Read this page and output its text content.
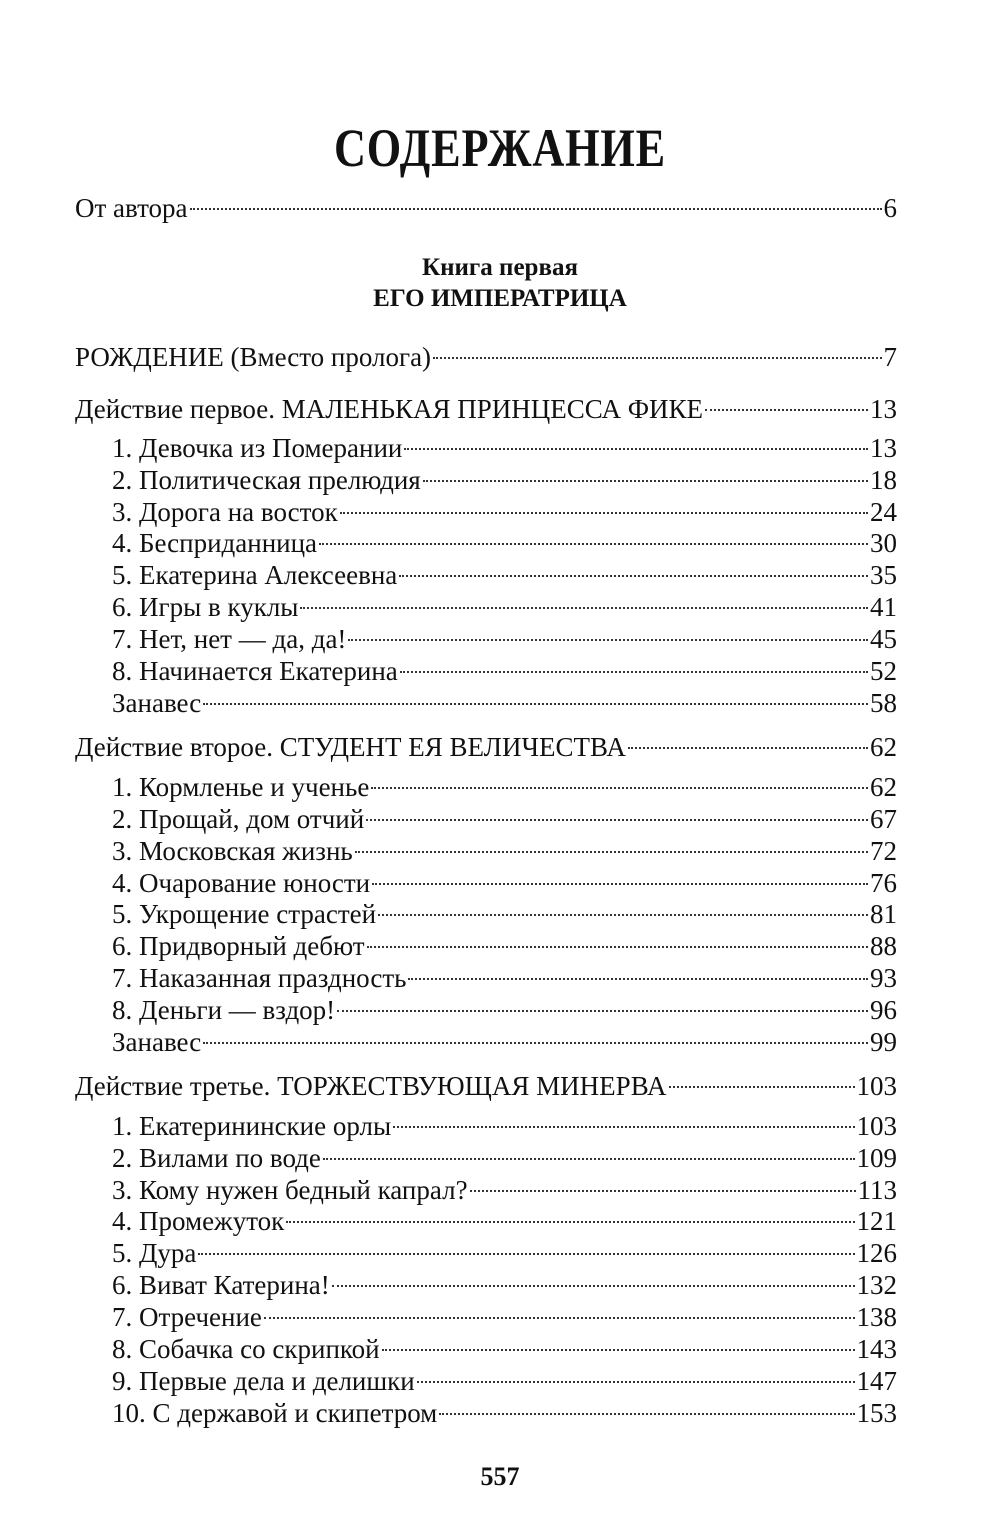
СОДЕРЖАНИЕ
От автора	6
Книга первая
ЕГО ИМПЕРАТРИЦА
РОЖДЕНИЕ (Вместо пролога)	7
Действие первое. МАЛЕНЬКАЯ ПРИНЦЕССА ФИКЕ	13
1. Девочка из Померании	13
2. Политическая прелюдия	18
3. Дорога на восток	24
4. Бесприданница	30
5. Екатерина Алексеевна	35
6. Игры в куклы	41
7. Нет, нет — да, да!	45
8. Начинается Екатерина	52
Занавес	58
Действие второе. СТУДЕНТ ЕЯ ВЕЛИЧЕСТВА	62
1. Кормленье и ученье	62
2. Прощай, дом отчий	67
3. Московская жизнь	72
4. Очарование юности	76
5. Укрощение страстей	81
6. Придворный дебют	88
7. Наказанная праздность	93
8. Деньги — вздор!	96
Занавес	99
Действие третье. ТОРЖЕСТВУЮЩАЯ МИНЕРВА	103
1. Екатерининские орлы	103
2. Вилами по воде	109
3. Кому нужен бедный капрал?	113
4. Промежуток	121
5. Дура	126
6. Виват Катерина!	132
7. Отречение	138
8. Собачка со скрипкой	143
9. Первые дела и делишки	147
10. С державой и скипетром	153
557
